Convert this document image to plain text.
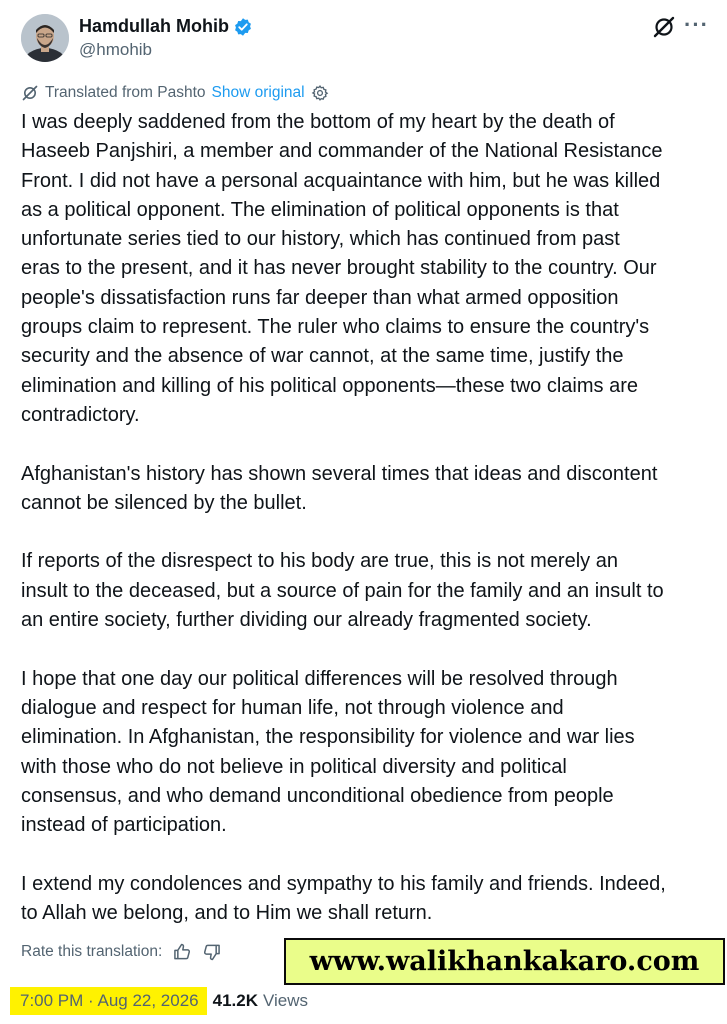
Hamdullah Mohib
@hmohib
···
Translated from Pashto Show original

I was deeply saddened from the bottom of my heart by the death of
Haseeb Panjshiri, a member and commander of the National Resistance
Front. I did not have a personal acquaintance with him, but he was killed
as a political opponent. The elimination of political opponents is that
unfortunate series tied to our history, which has continued from past
eras to the present, and it has never brought stability to the country. Our
people's dissatisfaction runs far deeper than what armed opposition
groups claim to represent. The ruler who claims to ensure the country's
security and the absence of war cannot, at the same time, justify the
elimination and killing of his political opponents—these two claims are
contradictory.

Afghanistan's history has shown several times that ideas and discontent
cannot be silenced by the bullet.

If reports of the disrespect to his body are true, this is not merely an
insult to the deceased, but a source of pain for the family and an insult to
an entire society, further dividing our already fragmented society.

I hope that one day our political differences will be resolved through
dialogue and respect for human life, not through violence and
elimination. In Afghanistan, the responsibility for violence and war lies
with those who do not believe in political diversity and political
consensus, and who demand unconditional obedience from people
instead of participation.

I extend my condolences and sympathy to his family and friends. Indeed,
to Allah we belong, and to Him we shall return.

Rate this translation:	www.walikhankakaro.com
7:00 PM · Aug 22, 2026 41.2K Views
